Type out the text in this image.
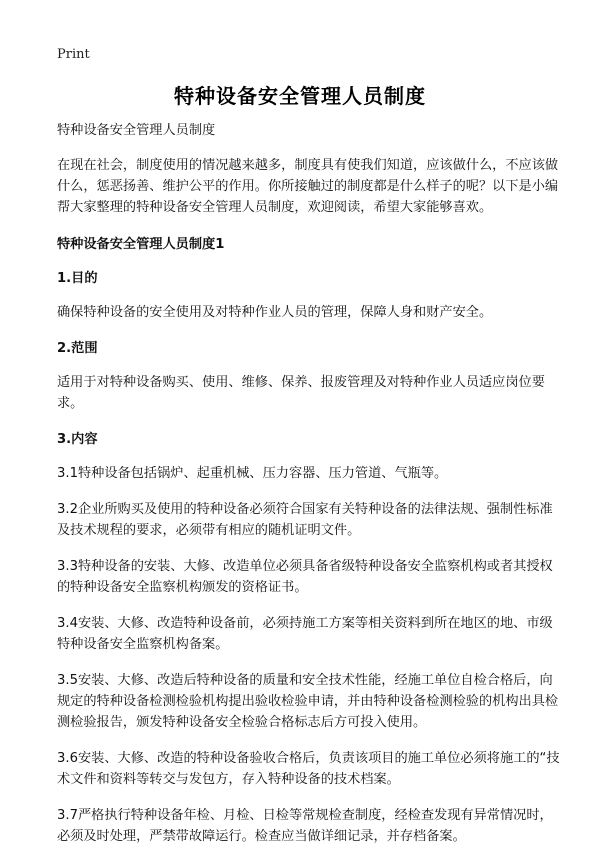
Print
特种设备安全管理人员制度

特种设备安全管理人员制度

在现在社会，制度使用的情况越来越多，制度具有使我们知道，应该做什么，不应该做什么，惩恶扬善、维护公平的作用。你所接触过的制度都是什么样子的呢？以下是小编帮大家整理的特种设备安全管理人员制度，欢迎阅读，希望大家能够喜欢。

特种设备安全管理人员制度1
1.目的

确保特种设备的安全使用及对特种作业人员的管理，保障人身和财产安全。

2.范围

适用于对特种设备购买、使用、维修、保养、报废管理及对特种作业人员适应岗位要求。

3.内容

3.1特种设备包括锅炉、起重机械、压力容器、压力管道、气瓶等。

3.2企业所购买及使用的特种设备必须符合国家有关特种设备的法律法规、强制性标准及技术规程的要求，必须带有相应的随机证明文件。

3.3特种设备的安装、大修、改造单位必须具备省级特种设备安全监察机构或者其授权的特种设备安全监察机构颁发的资格证书。

3.4安装、大修、改造特种设备前，必须持施工方案等相关资料到所在地区的地、市级特种设备安全监察机构备案。

3.5安装、大修、改造后特种设备的质量和安全技术性能，经施工单位自检合格后，向规定的特种设备检测检验机构提出验收检验申请，并由特种设备检测检验的机构出具检测检验报告，颁发特种设备安全检验合格标志后方可投入使用。

3.6安装、大修、改造的特种设备验收合格后，负责该项目的施工单位必须将施工的“技术文件和资料等转交与发包方，存入特种设备的技术档案。

3.7严格执行特种设备年检、月检、日检等常规检查制度，经检查发现有异常情况时，必须及时处理，严禁带故障运行。检查应当做详细记录，并存档备案。
